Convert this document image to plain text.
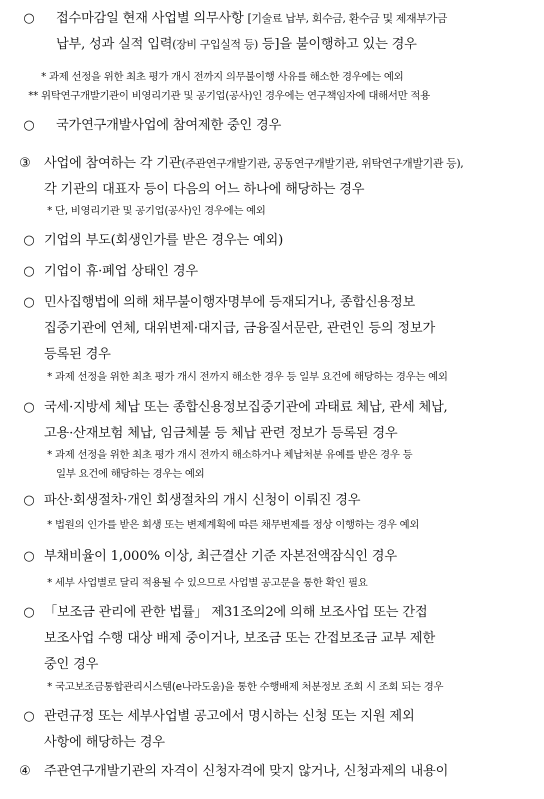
○ 접수마감일 현재 사업별 의무사항 [기술료 납부, 회수금, 환수금 및 제재부가금
납부, 성과 실적 입력(장비 구입실적 등) 등]을 불이행하고 있는 경우
* 과제 선정을 위한 최초 평가 개시 전까지 의무불이행 사유를 해소한 경우에는 예외
** 위탁연구개발기관이 비영리기관 및 공기업(공사)인 경우에는 연구책임자에 대해서만 적용
○ 국가연구개발사업에 참여제한 중인 경우
③ 사업에 참여하는 각 기관(주관연구개발기관, 공동연구개발기관, 위탁연구개발기관 등),
각 기관의 대표자 등이 다음의 어느 하나에 해당하는 경우
* 단, 비영리기관 및 공기업(공사)인 경우에는 예외
○ 기업의 부도(회생인가를 받은 경우는 예외)
○ 기업이 휴·폐업 상태인 경우
○ 민사집행법에 의해 채무불이행자명부에 등재되거나, 종합신용정보
집중기관에 연체, 대위변제·대지급, 금융질서문란, 관련인 등의 정보가
등록된 경우
* 과제 선정을 위한 최초 평가 개시 전까지 해소한 경우 등 일부 요건에 해당하는 경우는 예외
○ 국세·지방세 체납 또는 종합신용정보집중기관에 과태료 체납, 관세 체납,
고용·산재보험 체납, 임금체불 등 체납 관련 정보가 등록된 경우
* 과제 선정을 위한 최초 평가 개시 전까지 해소하거나 체납처분 유예를 받은 경우 등
일부 요건에 해당하는 경우는 예외
○ 파산·회생절차·개인 회생절차의 개시 신청이 이뤄진 경우
* 법원의 인가를 받은 회생 또는 변제계획에 따른 채무변제를 정상 이행하는 경우 예외
○ 부채비율이 1,000% 이상, 최근결산 기준 자본전액잠식인 경우
* 세부 사업별로 달리 적용될 수 있으므로 사업별 공고문을 통한 확인 필요
○ 「보조금 관리에 관한 법률」 제31조의2에 의해 보조사업 또는 간접
보조사업 수행 대상 배제 중이거나, 보조금 또는 간접보조금 교부 제한
중인 경우
* 국고보조금통합관리시스템(e나라도움)을 통한 수행배제 처분정보 조회 시 조회 되는 경우
○ 관련규정 또는 세부사업별 공고에서 명시하는 신청 또는 지원 제외
사항에 해당하는 경우
④ 주관연구개발기관의 자격이 신청자격에 맞지 않거나, 신청과제의 내용이
